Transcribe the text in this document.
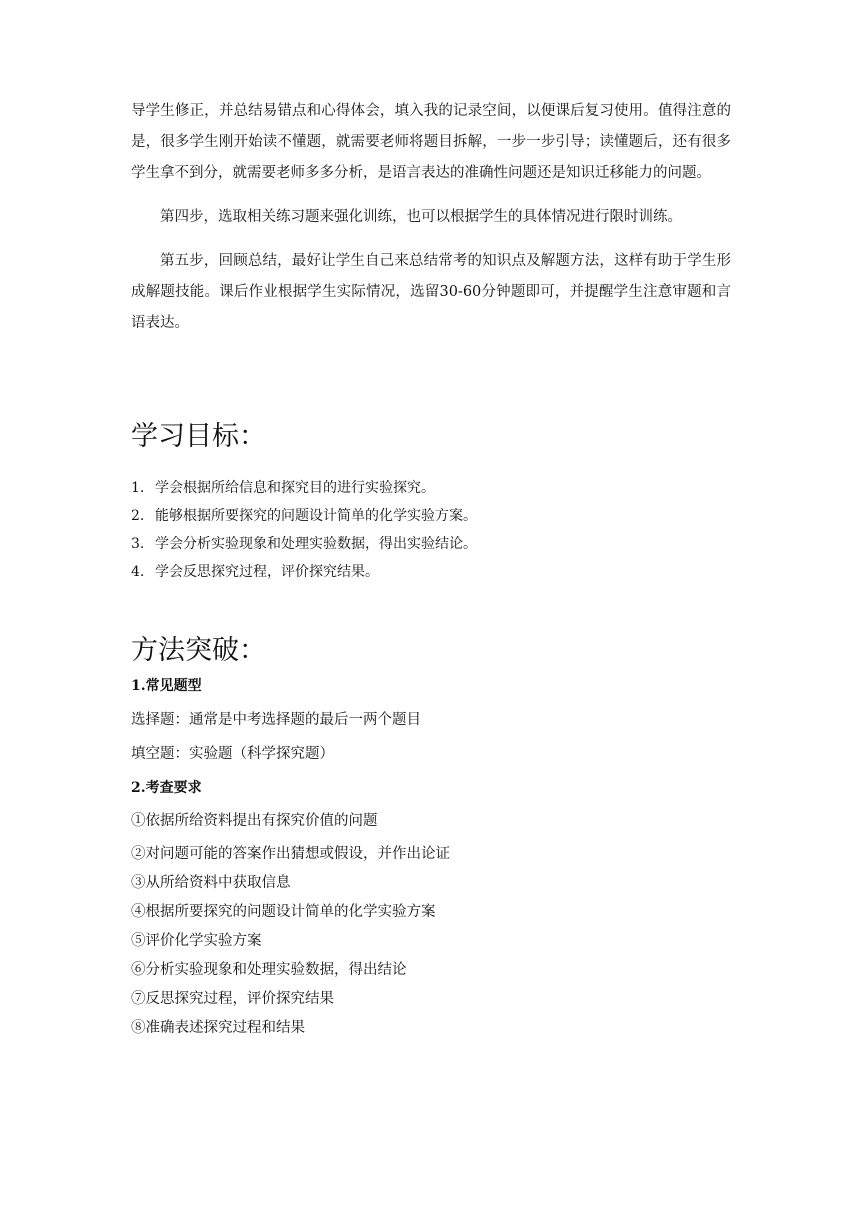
导学生修正，并总结易错点和心得体会，填入我的记录空间，以便课后复习使用。值得注意的是，很多学生刚开始读不懂题，就需要老师将题目拆解，一步一步引导；读懂题后，还有很多学生拿不到分，就需要老师多多分析，是语言表达的准确性问题还是知识迁移能力的问题。

第四步，选取相关练习题来强化训练，也可以根据学生的具体情况进行限时训练。

第五步，回顾总结，最好让学生自己来总结常考的知识点及解题方法，这样有助于学生形成解题技能。课后作业根据学生实际情况，选留30-60分钟题即可，并提醒学生注意审题和言语表达。

学习目标：
1. 学会根据所给信息和探究目的进行实验探究。
2. 能够根据所要探究的问题设计简单的化学实验方案。
3. 学会分析实验现象和处理实验数据，得出实验结论。
4. 学会反思探究过程，评价探究结果。
方法突破：

1.常见题型

选择题：通常是中考选择题的最后一两个题目

填空题：实验题（科学探究题）

2.考查要求

①依据所给资料提出有探究价值的问题

②对问题可能的答案作出猜想或假设，并作出论证

③从所给资料中获取信息

④根据所要探究的问题设计简单的化学实验方案

⑤评价化学实验方案

⑥分析实验现象和处理实验数据，得出结论

⑦反思探究过程，评价探究结果

⑧准确表述探究过程和结果
